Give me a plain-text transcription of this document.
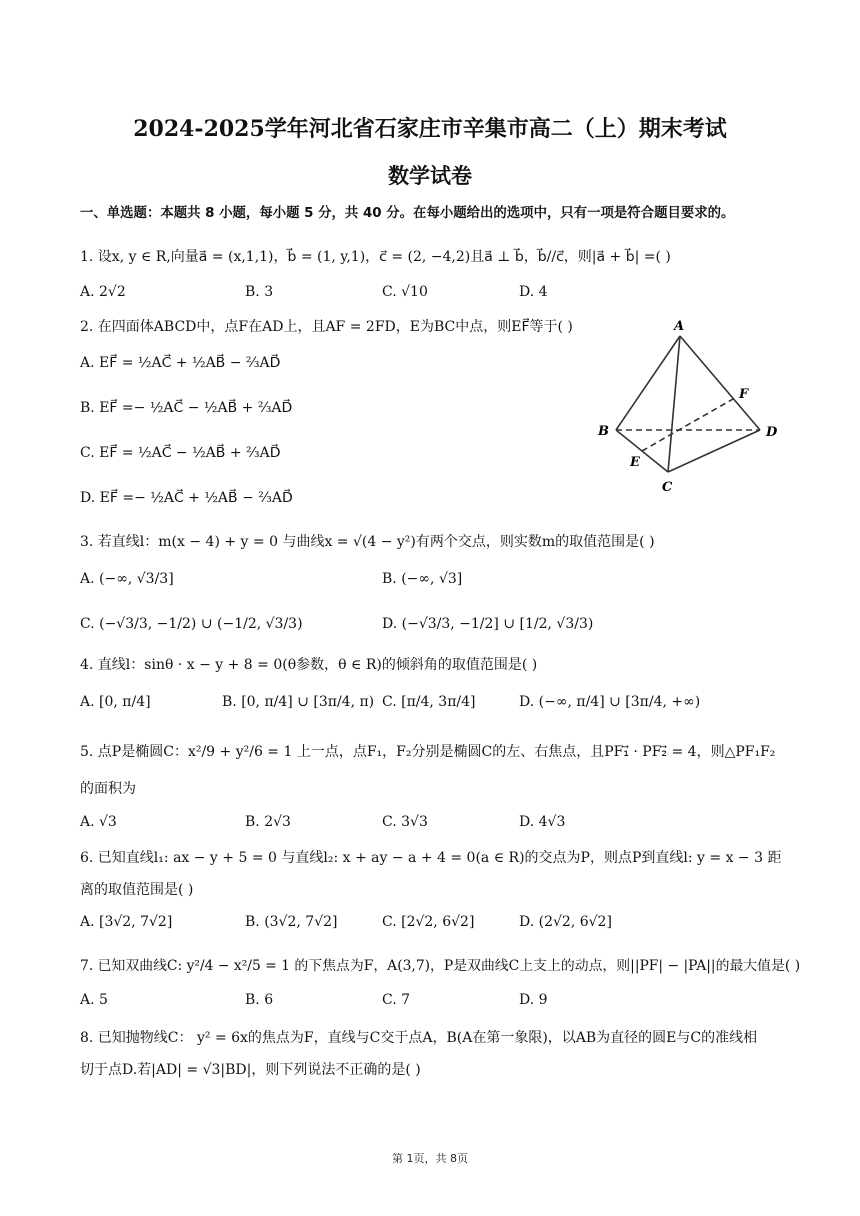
2024-2025学年河北省石家庄市辛集市高二（上）期末考试
数学试卷
一、单选题：本题共 8 小题，每小题 5 分，共 40 分。在每小题给出的选项中，只有一项是符合题目要求的。
1. 设x, y ∈ R,向量a⃗ = (x,1,1)，b⃗ = (1, y,1)，c⃗ = (2, −4,2)且a⃗ ⊥ b⃗，b⃗//c⃗，则|a⃗ + b⃗| =( )
A. 2√2	B. 3	C. √10	D. 4
2. 在四面体ABCD中，点F在AD上，且AF = 2FD，E为BC中点，则EF⃗等于( )
A. EF⃗ = ½AC⃗ + ½AB⃗ − ⅔AD⃗
B. EF⃗ =− ½AC⃗ − ½AB⃗ + ⅔AD⃗
C. EF⃗ = ½AC⃗ − ½AB⃗ + ⅔AD⃗
D. EF⃗ =− ½AC⃗ + ½AB⃗ − ⅔AD⃗
A
B
C
D
E
F
3. 若直线l：m(x − 4) + y = 0 与曲线x = √(4 − y²)有两个交点，则实数m的取值范围是( )
A. (−∞, √3/3]	B. (−∞, √3]
C. (−√3/3, −1/2) ∪ (−1/2, √3/3)	D. (−√3/3, −1/2] ∪ [1/2, √3/3)
4. 直线l：sinθ · x − y + 8 = 0(θ参数，θ ∈ R)的倾斜角的取值范围是( )
A. [0, π/4]	B. [0, π/4] ∪ [3π/4, π) C. [π/4, 3π/4]	D. (−∞, π/4] ∪ [3π/4, +∞)
5. 点P是椭圆C：x²/9 + y²/6 = 1 上一点，点F₁，F₂分别是椭圆C的左、右焦点，且PF₁⃗ · PF₂⃗ = 4，则△PF₁F₂
的面积为
A. √3	B. 2√3	C. 3√3	D. 4√3
6. 已知直线l₁: ax − y + 5 = 0 与直线l₂: x + ay − a + 4 = 0(a ∈ R)的交点为P，则点P到直线l: y = x − 3 距
离的取值范围是( )
A. [3√2, 7√2]	B. (3√2, 7√2]	C. [2√2, 6√2]	D. (2√2, 6√2]
7. 已知双曲线C: y²/4 − x²/5 = 1 的下焦点为F，A(3,7)，P是双曲线C上支上的动点，则||PF| − |PA||的最大值是( )
A. 5	B. 6	C. 7	D. 9
8. 已知抛物线C： y² = 6x的焦点为F，直线与C交于点A，B(A在第一象限)，以AB为直径的圆E与C的准线相
切于点D.若|AD| = √3|BD|，则下列说法不正确的是( )
第 1页，共 8页
